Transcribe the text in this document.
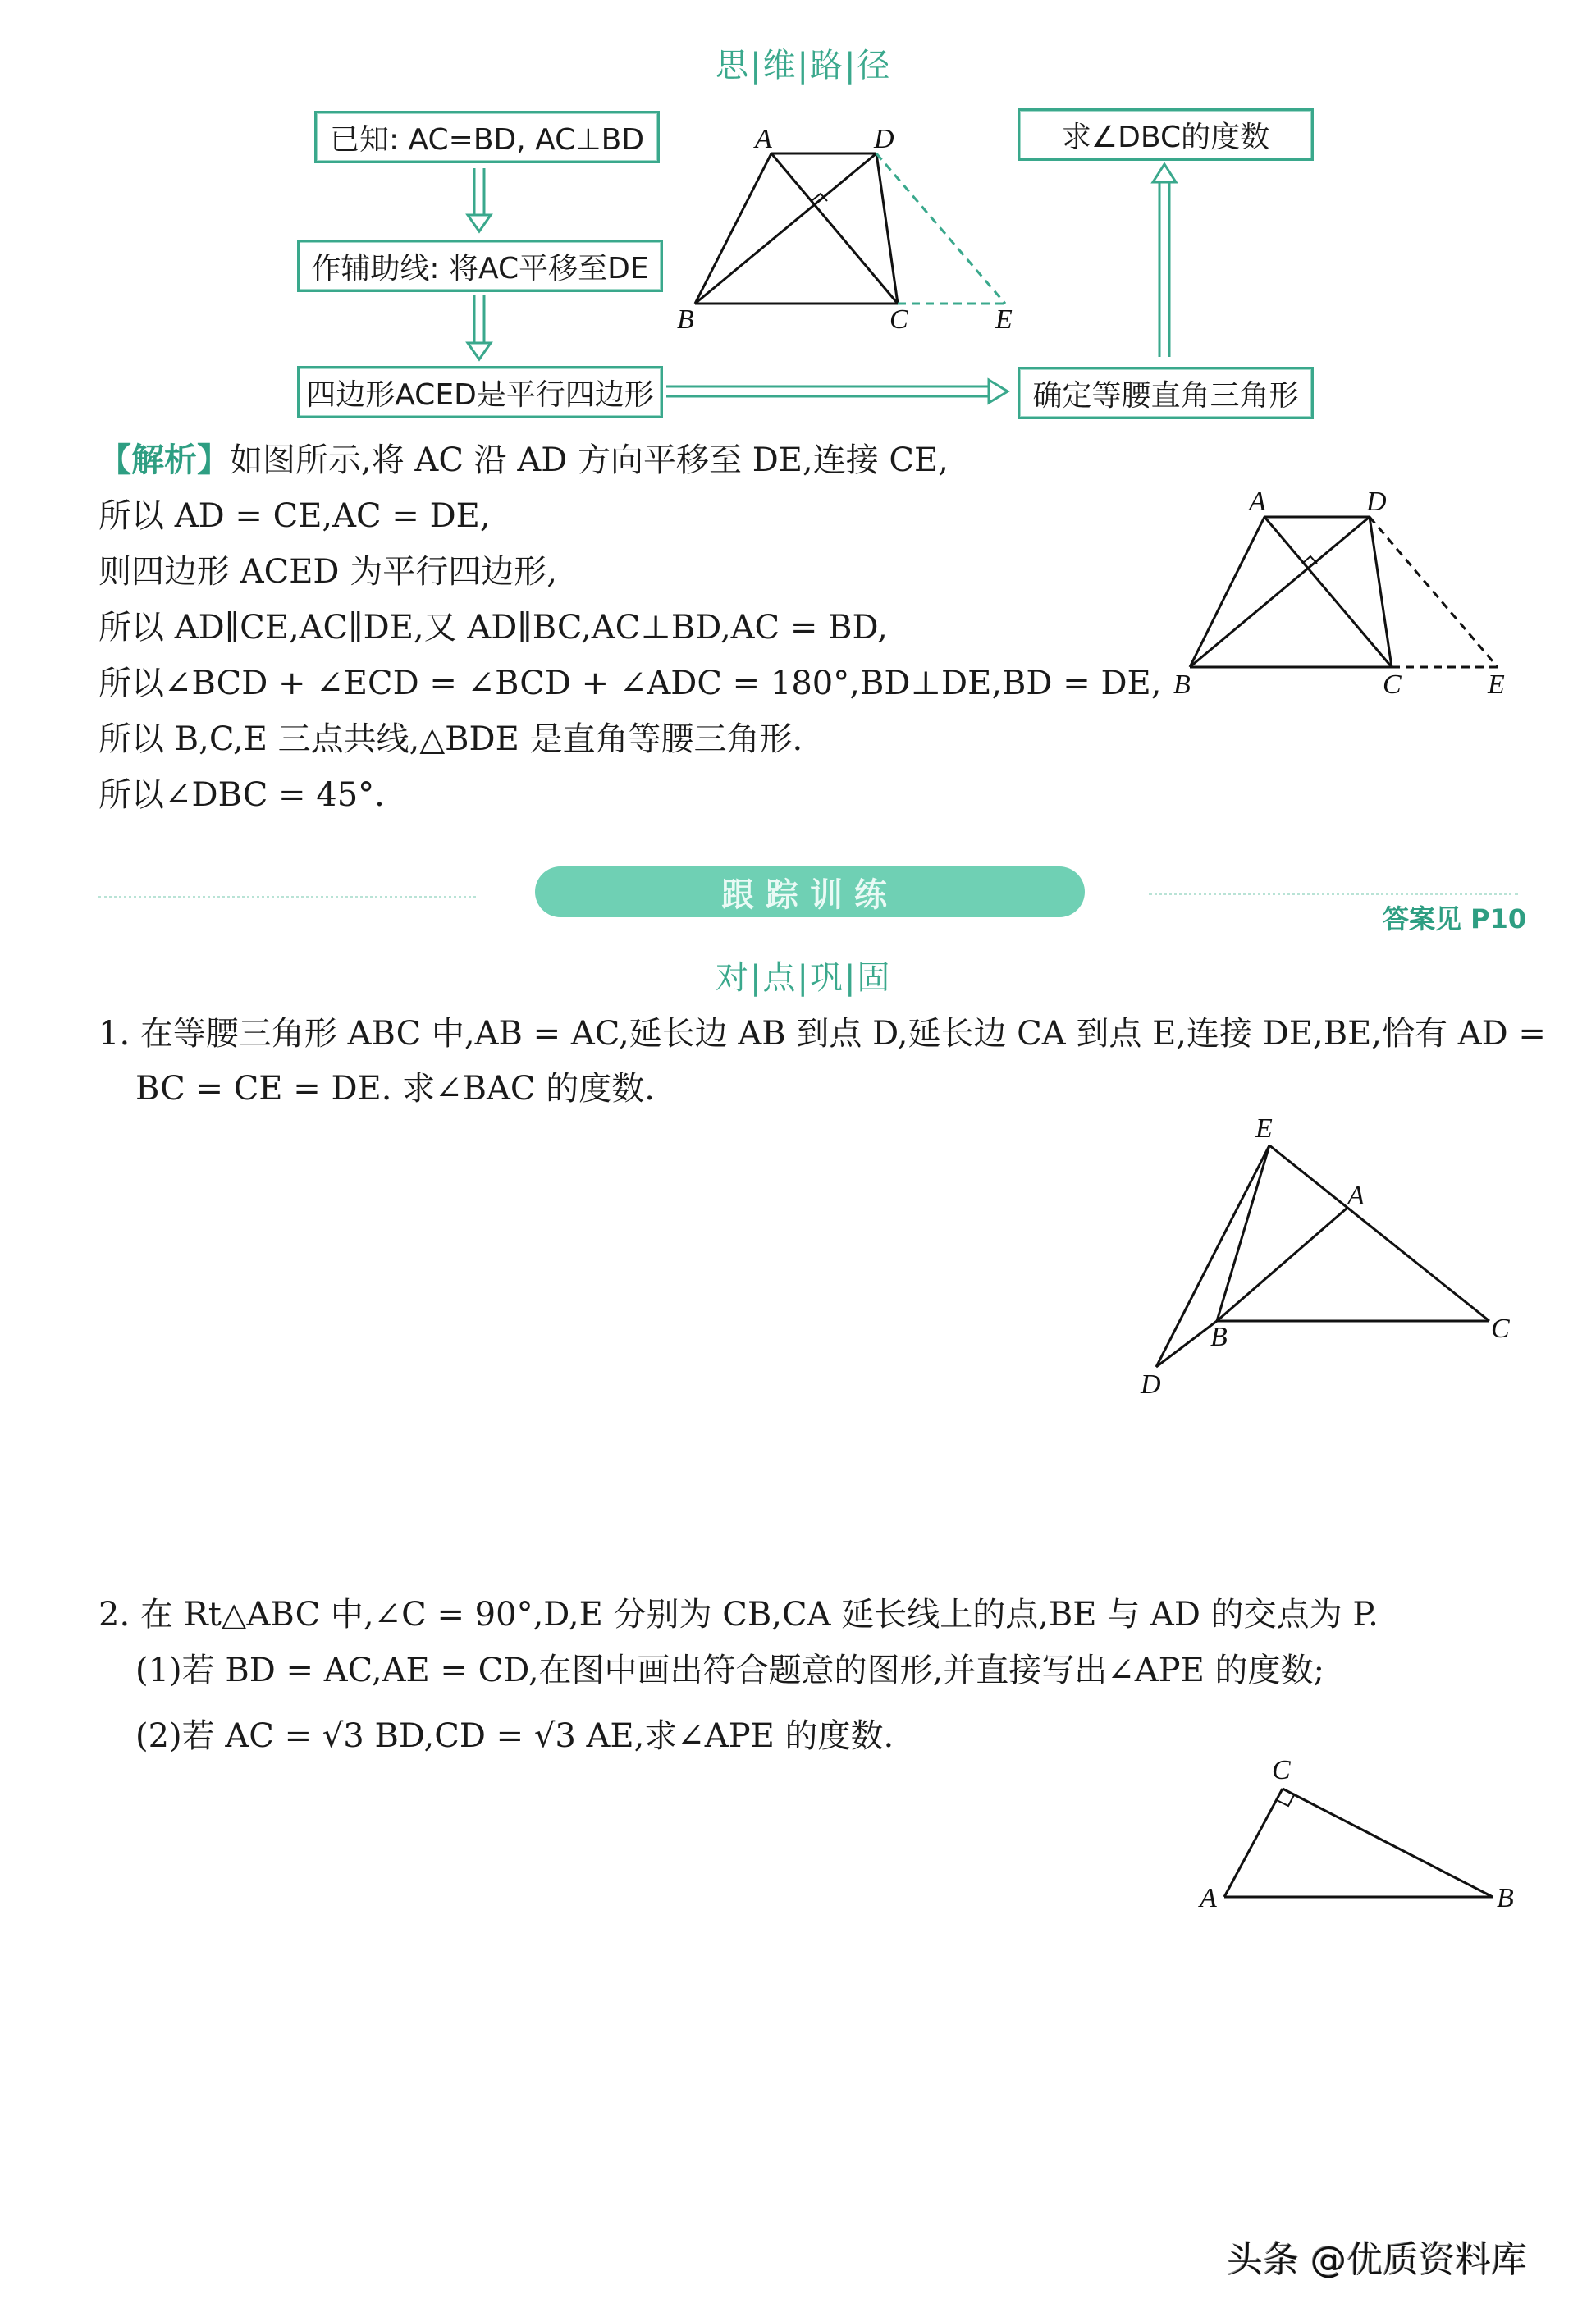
思|维|路|径
已知: AC=BD, AC⊥BD
作辅助线: 将AC平移至DE
四边形ACED是平行四边形
求∠DBC的度数
确定等腰直角三角形
A	D
B	C	E
【解析】如图所示,将 AC 沿 AD 方向平移至 DE,连接 CE,
所以 AD = CE,AC = DE,
则四边形 ACED 为平行四边形,
所以 AD∥CE,AC∥DE,又 AD∥BC,AC⊥BD,AC = BD,
所以∠BCD + ∠ECD = ∠BCD + ∠ADC = 180°,BD⊥DE,BD = DE,
所以 B,C,E 三点共线,△BDE 是直角等腰三角形.
所以∠DBC = 45°.
A	D
B	C	E
跟踪训练
答案见 P10
对|点|巩|固
1. 在等腰三角形 ABC 中,AB = AC,延长边 AB 到点 D,延长边 CA 到点 E,连接 DE,BE,恰有 AD =
BC = CE = DE. 求∠BAC 的度数.
E
A
B	C
D
2. 在 Rt△ABC 中,∠C = 90°,D,E 分别为 CB,CA 延长线上的点,BE 与 AD 的交点为 P.
(1)若 BD = AC,AE = CD,在图中画出符合题意的图形,并直接写出∠APE 的度数;
(2)若 AC = √3 BD,CD = √3 AE,求∠APE 的度数.
C
A	B
头条 @优质资料库
